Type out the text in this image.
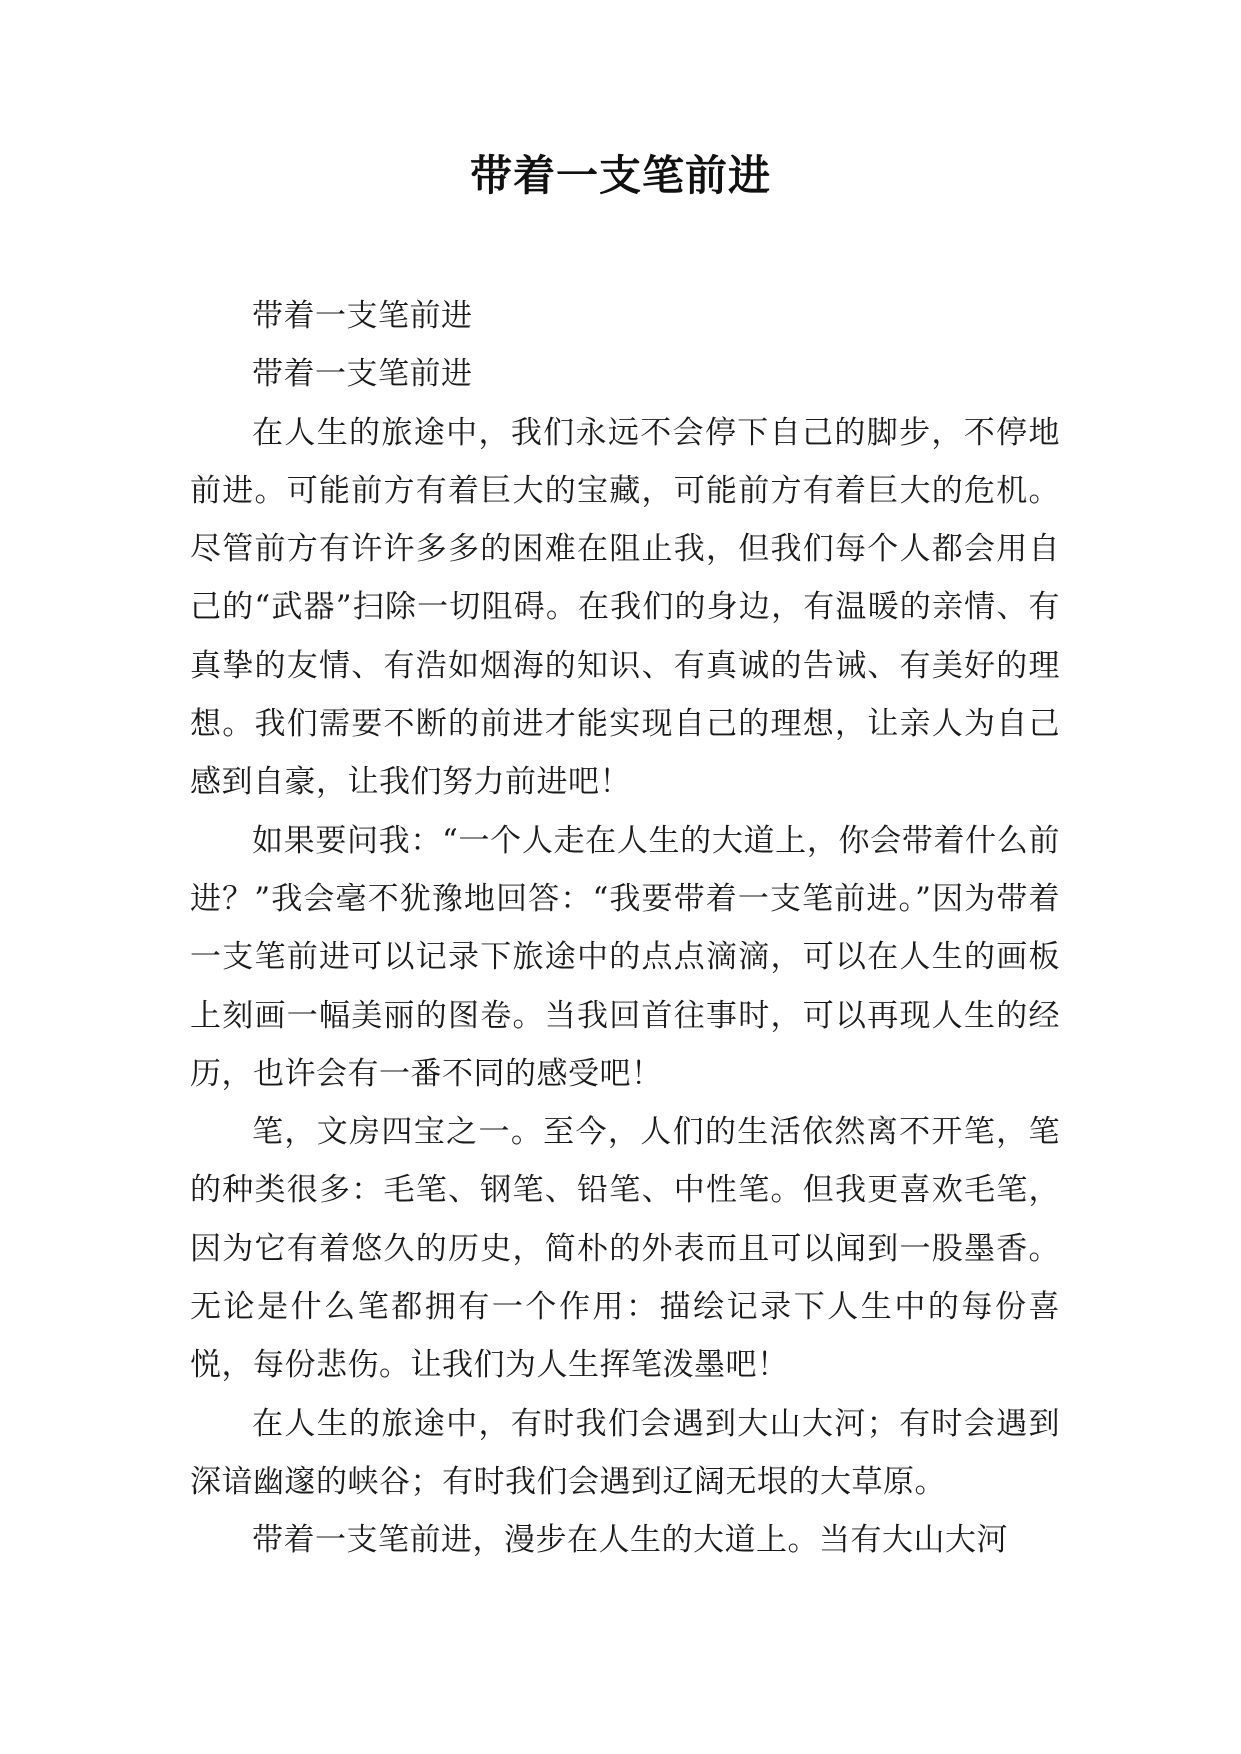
带着一支笔前进

带着一支笔前进

带着一支笔前进

在人生的旅途中，我们永远不会停下自己的脚步，不停地前进。可能前方有着巨大的宝藏，可能前方有着巨大的危机。尽管前方有许许多多的困难在阻止我，但我们每个人都会用自己的“武器”扫除一切阻碍。在我们的身边，有温暖的亲情、有真挚的友情、有浩如烟海的知识、有真诚的告诫、有美好的理想。我们需要不断的前进才能实现自己的理想，让亲人为自己感到自豪，让我们努力前进吧！

如果要问我：“一个人走在人生的大道上，你会带着什么前进？”我会毫不犹豫地回答：“我要带着一支笔前进。”因为带着一支笔前进可以记录下旅途中的点点滴滴，可以在人生的画板上刻画一幅美丽的图卷。当我回首往事时，可以再现人生的经历，也许会有一番不同的感受吧！

笔，文房四宝之一。至今，人们的生活依然离不开笔，笔的种类很多：毛笔、钢笔、铅笔、中性笔。但我更喜欢毛笔，因为它有着悠久的历史，简朴的外表而且可以闻到一股墨香。无论是什么笔都拥有一个作用：描绘记录下人生中的每份喜悦，每份悲伤。让我们为人生挥笔泼墨吧！

在人生的旅途中，有时我们会遇到大山大河；有时会遇到深谙幽邃的峡谷；有时我们会遇到辽阔无垠的大草原。

带着一支笔前进，漫步在人生的大道上。当有大山大河
